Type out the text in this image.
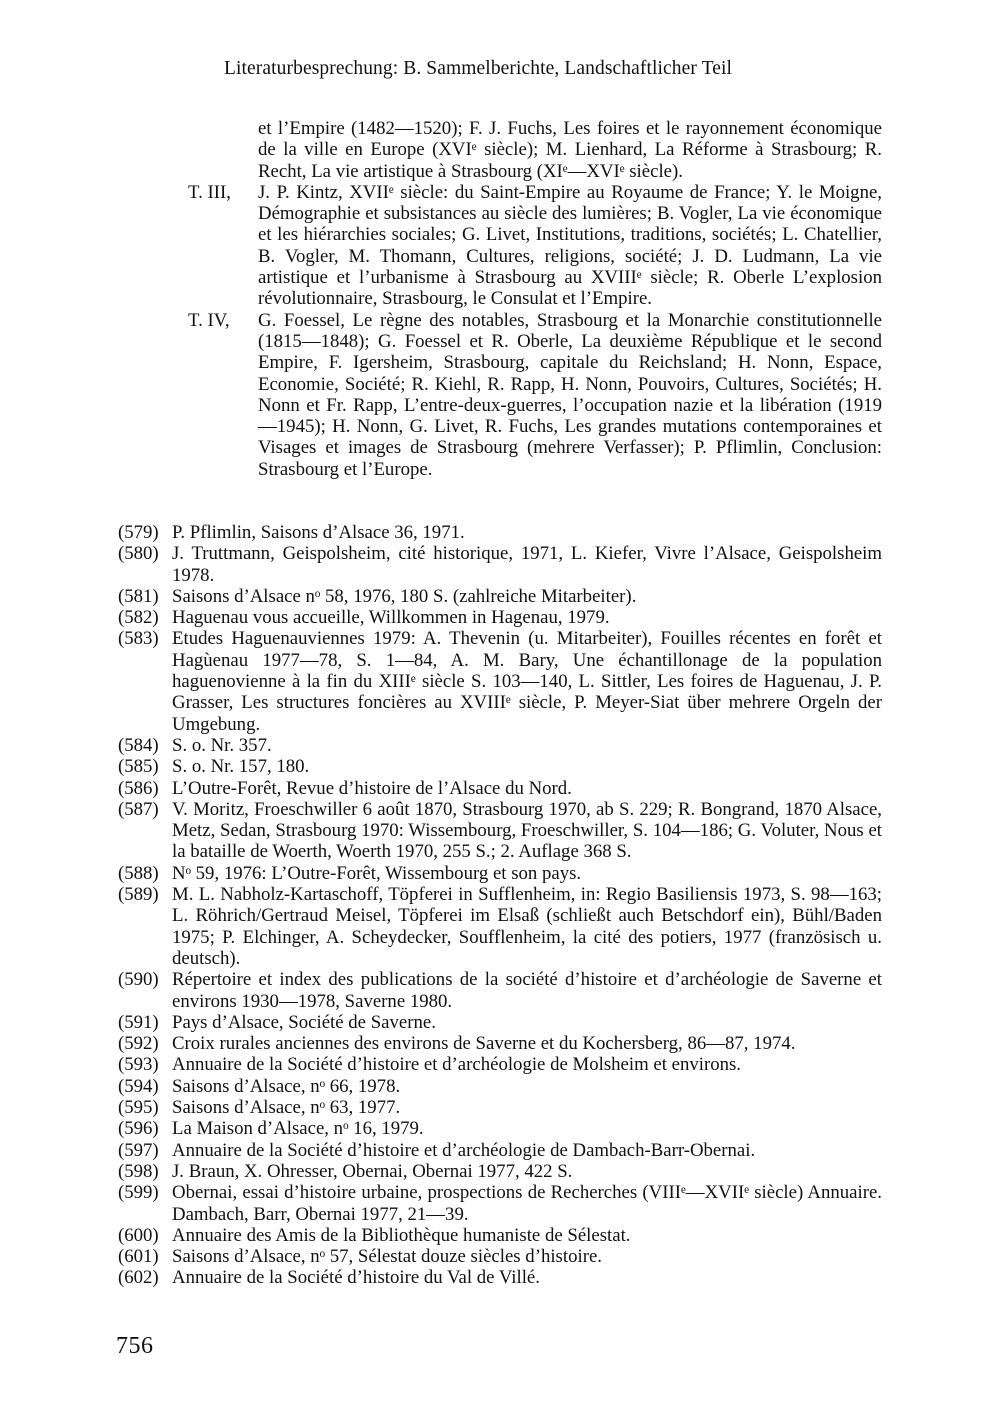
Literaturbesprechung: B. Sammelberichte, Landschaftlicher Teil
et l’Empire (1482—1520); F. J. Fuchs, Les foires et le rayonnement économique de la ville en Europe (XVIᵉ siècle); M. Lienhard, La Réforme à Strasbourg; R. Recht, La vie artistique à Strasbourg (XIᵉ—XVIᵉ siècle).
T. III,	J. P. Kintz, XVIIᵉ siècle: du Saint-Empire au Royaume de France; Y. le Moigne, Démographie et subsistances au siècle des lumières; B. Vogler, La vie économique et les hiérarchies sociales; G. Livet, Institutions, traditions, sociétés; L. Chatellier, B. Vogler, M. Thomann, Cultures, religions, société; J. D. Ludmann, La vie artistique et l’urbanisme à Strasbourg au XVIIIᵉ siècle; R. Oberle L’explosion révolutionnaire, Strasbourg, le Consulat et l’Empire.
T. IV,	G. Foessel, Le règne des notables, Strasbourg et la Monarchie constitutionnelle (1815—1848); G. Foessel et R. Oberle, La deuxième République et le second Empire, F. Igersheim, Strasbourg, capitale du Reichsland; H. Nonn, Espace, Economie, Société; R. Kiehl, R. Rapp, H. Nonn, Pouvoirs, Cultures, Sociétés; H. Nonn et Fr. Rapp, L’entre-deux-guerres, l’occupation nazie et la libération (1919—1945); H. Nonn, G. Livet, R. Fuchs, Les grandes mutations contemporaines et Visages et images de Strasbourg (mehrere Verfasser); P. Pflimlin, Conclusion: Strasbourg et l’Europe.
(579) P. Pflimlin, Saisons d’Alsace 36, 1971.
(580) J. Truttmann, Geispolsheim, cité historique, 1971, L. Kiefer, Vivre l’Alsace, Geispolsheim 1978.
(581) Saisons d’Alsace nᵒ 58, 1976, 180 S. (zahlreiche Mitarbeiter).
(582) Haguenau vous accueille, Willkommen in Hagenau, 1979.
(583) Etudes Haguenauviennes 1979: A. Thevenin (u. Mitarbeiter), Fouilles récentes en forêt et Hagùenau 1977—78, S. 1—84, A. M. Bary, Une échantillonage de la population haguenovienne à la fin du XIIIᵉ siècle S. 103—140, L. Sittler, Les foires de Haguenau, J. P. Grasser, Les structures foncières au XVIIIᵉ siècle, P. Meyer-Siat über mehrere Orgeln der Umgebung.
(584) S. o. Nr. 357.
(585) S. o. Nr. 157, 180.
(586) L’Outre-Forêt, Revue d’histoire de l’Alsace du Nord.
(587) V. Moritz, Froeschwiller 6 août 1870, Strasbourg 1970, ab S. 229; R. Bongrand, 1870 Alsace, Metz, Sedan, Strasbourg 1970: Wissembourg, Froeschwiller, S. 104—186; G. Voluter, Nous et la bataille de Woerth, Woerth 1970, 255 S.; 2. Auflage 368 S.
(588) Nᵒ 59, 1976: L’Outre-Forêt, Wissembourg et son pays.
(589) M. L. Nabholz-Kartaschoff, Töpferei in Sufflenheim, in: Regio Basiliensis 1973, S. 98—163; L. Röhrich/Gertraud Meisel, Töpferei im Elsaß (schließt auch Betschdorf ein), Bühl/Baden 1975; P. Elchinger, A. Scheydecker, Soufflenheim, la cité des potiers, 1977 (französisch u. deutsch).
(590) Répertoire et index des publications de la société d’histoire et d’archéologie de Saverne et environs 1930—1978, Saverne 1980.
(591) Pays d’Alsace, Société de Saverne.
(592) Croix rurales anciennes des environs de Saverne et du Kochersberg, 86—87, 1974.
(593) Annuaire de la Société d’histoire et d’archéologie de Molsheim et environs.
(594) Saisons d’Alsace, nᵒ 66, 1978.
(595) Saisons d’Alsace, nᵒ 63, 1977.
(596) La Maison d’Alsace, nᵒ 16, 1979.
(597) Annuaire de la Société d’histoire et d’archéologie de Dambach-Barr-Obernai.
(598) J. Braun, X. Ohresser, Obernai, Obernai 1977, 422 S.
(599) Obernai, essai d’histoire urbaine, prospections de Recherches (VIIIᵉ—XVIIᵉ siècle) Annuaire. Dambach, Barr, Obernai 1977, 21—39.
(600) Annuaire des Amis de la Bibliothèque humaniste de Sélestat.
(601) Saisons d’Alsace, nᵒ 57, Sélestat douze siècles d’histoire.
(602) Annuaire de la Société d’histoire du Val de Villé.
756
